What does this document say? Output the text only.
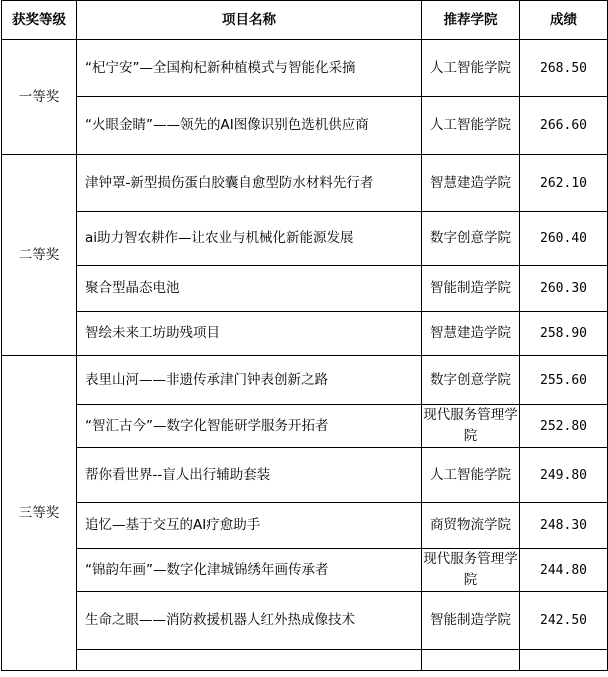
获奖等级	项目名称	推荐学院	成绩
一等奖	“杞宁安”—全国枸杞新种植模式与智能化采摘	人工智能学院	268.50
	“火眼金睛”——领先的AI图像识别色选机供应商	人工智能学院	266.60
二等奖	津钟罩-新型损伤蛋白胶囊自愈型防水材料先行者	智慧建造学院	262.10
	ai助力智农耕作—让农业与机械化新能源发展	数字创意学院	260.40
	聚合型晶态电池	智能制造学院	260.30
	智绘未来工坊助残项目	智慧建造学院	258.90
三等奖	表里山河——非遗传承津门钟表创新之路	数字创意学院	255.60
	“智汇古今”—数字化智能研学服务开拓者	现代服务管理学院	252.80
	帮你看世界--盲人出行辅助套装	人工智能学院	249.80
	追忆—基于交互的AI疗愈助手	商贸物流学院	248.30
	“锦韵年画”—数字化津城锦绣年画传承者	现代服务管理学院	244.80
	生命之眼——消防救援机器人红外热成像技术	智能制造学院	242.50
